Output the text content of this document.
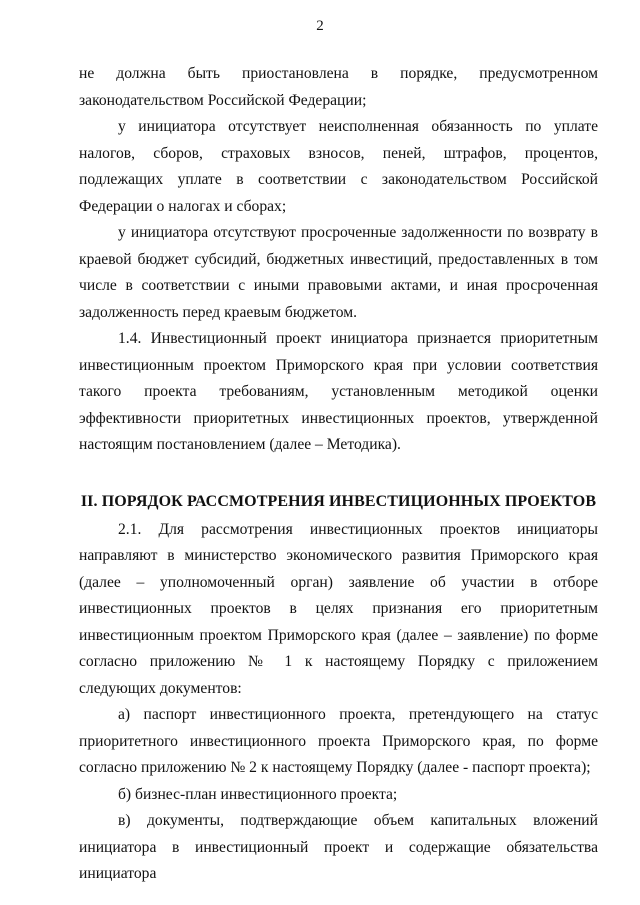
2

не должна быть приостановлена в порядке, предусмотренном законодательством Российской Федерации;

у инициатора отсутствует неисполненная обязанность по уплате налогов, сборов, страховых взносов, пеней, штрафов, процентов, подлежащих уплате в соответствии с законодательством Российской Федерации о налогах и сборах;

у инициатора отсутствуют просроченные задолженности по возврату в краевой бюджет субсидий, бюджетных инвестиций, предоставленных в том числе в соответствии с иными правовыми актами, и иная просроченная задолженность перед краевым бюджетом.

1.4. Инвестиционный проект инициатора признается приоритетным инвестиционным проектом Приморского края при условии соответствия такого проекта требованиям, установленным методикой оценки эффективности приоритетных инвестиционных проектов, утвержденной настоящим постановлением (далее – Методика).

II. ПОРЯДОК РАССМОТРЕНИЯ ИНВЕСТИЦИОННЫХ ПРОЕКТОВ

2.1. Для рассмотрения инвестиционных проектов инициаторы направляют в министерство экономического развития Приморского края (далее – уполномоченный орган) заявление об участии в отборе инвестиционных проектов в целях признания его приоритетным инвестиционным проектом Приморского края (далее – заявление) по форме согласно приложению № 1 к настоящему Порядку с приложением следующих документов:

а) паспорт инвестиционного проекта, претендующего на статус приоритетного инвестиционного проекта Приморского края, по форме согласно приложению № 2 к настоящему Порядку (далее - паспорт проекта);

б) бизнес-план инвестиционного проекта;

в) документы, подтверждающие объем капитальных вложений инициатора в инвестиционный проект и содержащие обязательства инициатора
